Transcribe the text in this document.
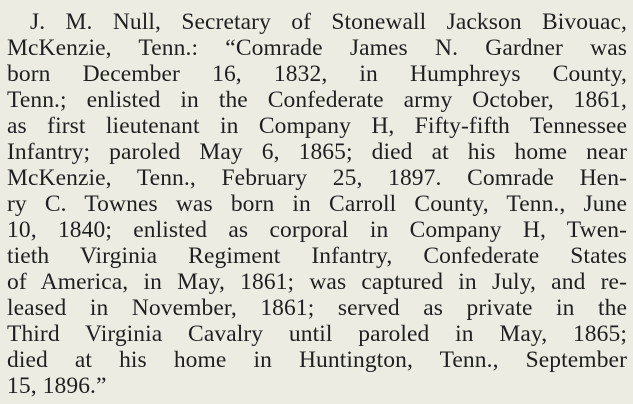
J. M. Null, Secretary of Stonewall Jackson Bivouac,
McKenzie, Tenn.: “Comrade James N. Gardner was
born December 16, 1832, in Humphreys County,
Tenn.; enlisted in the Confederate army October, 1861,
as first lieutenant in Company H, Fifty-fifth Tennessee
Infantry; paroled May 6, 1865; died at his home near
McKenzie, Tenn., February 25, 1897. Comrade Hen-
ry C. Townes was born in Carroll County, Tenn., June
10, 1840; enlisted as corporal in Company H, Twen-
tieth Virginia Regiment Infantry, Confederate States
of America, in May, 1861; was captured in July, and re-
leased in November, 1861; served as private in the
Third Virginia Cavalry until paroled in May, 1865;
died at his home in Huntington, Tenn., September
15, 1896.”
